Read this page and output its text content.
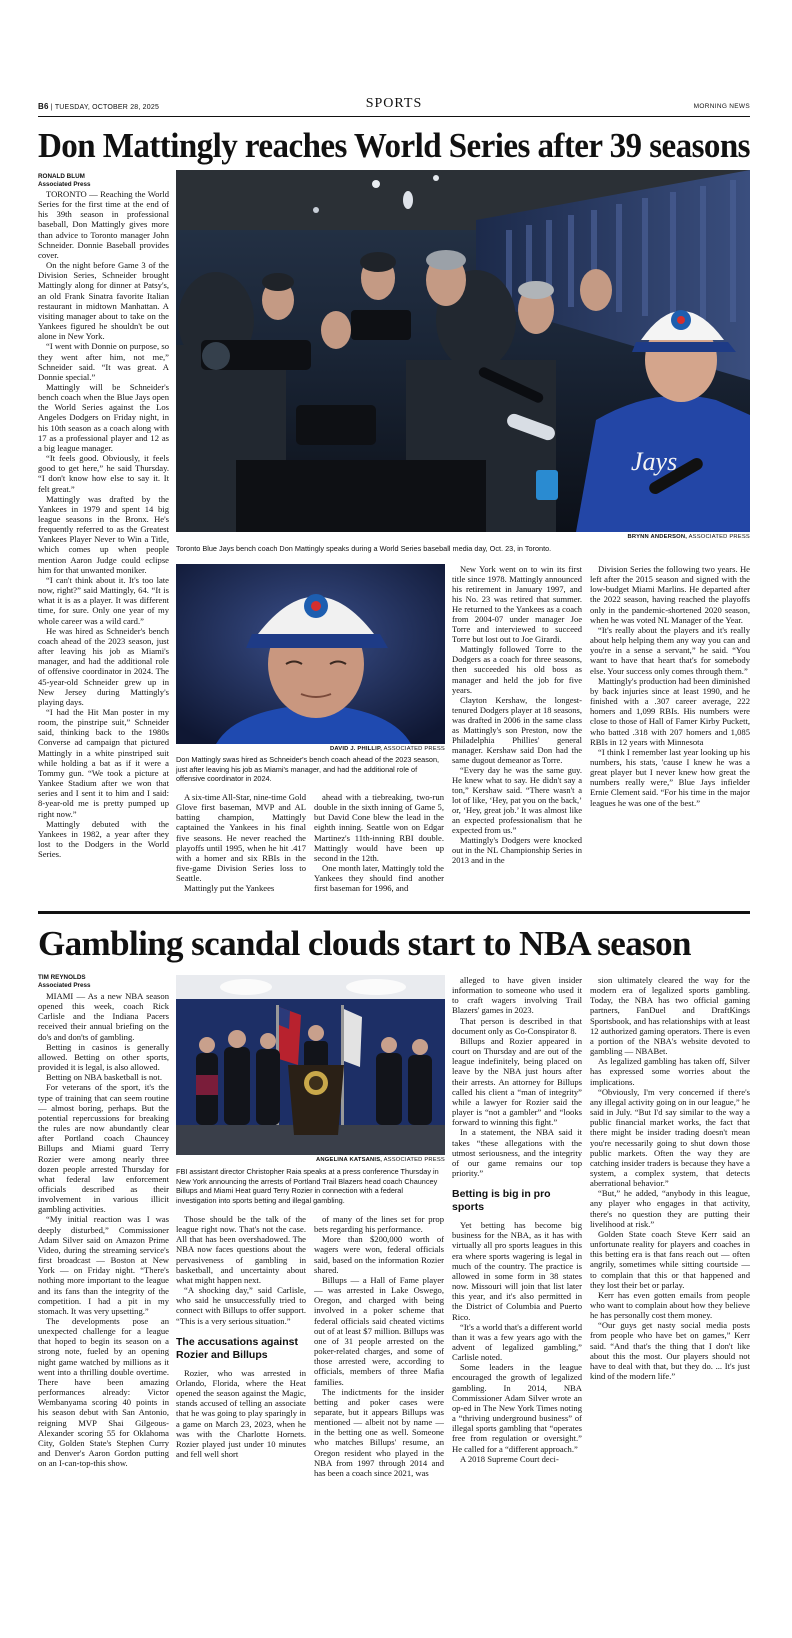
B6 | TUESDAY, OCTOBER 28, 2025	SPORTS	MORNING NEWS
Don Mattingly reaches World Series after 39 seasons
RONALD BLUM
Associated Press

TORONTO — Reaching the World Series for the first time at the end of his 39th season in professional baseball, Don Mattingly gives more than advice to Toronto manager John Schneider. Donnie Baseball provides cover.

On the night before Game 3 of the Division Series, Schneider brought Mattingly along for dinner at Patsy's, an old Frank Sinatra favorite Italian restaurant in midtown Manhattan. A visiting manager about to take on the Yankees figured he shouldn't be out alone in New York.

“I went with Donnie on purpose, so they went after him, not me,” Schneider said. “It was great. A Donnie special.”

Mattingly will be Schneider's bench coach when the Blue Jays open the World Series against the Los Angeles Dodgers on Friday night, in his 10th season as a coach along with 17 as a professional player and 12 as a big league manager.

“It feels good. Obviously, it feels good to get here,” he said Thursday. “I don't know how else to say it. It felt great.”

Mattingly was drafted by the Yankees in 1979 and spent 14 big league seasons in the Bronx. He's frequently referred to as the Greatest Yankees Player Never to Win a Title, which comes up when people mention Aaron Judge could eclipse him for that unwanted moniker.

“I can't think about it. It's too late now, right?” said Mattingly, 64. “It is what it is as a player. It was different time, for sure. Only one year of my whole career was a wild card.”

He was hired as Schneider's bench coach ahead of the 2023 season, just after leaving his job as Miami's manager, and had the additional role of offensive coordinator in 2024. The 45-year-old Schneider grew up in New Jersey during Mattingly's playing days.

“I had the Hit Man poster in my room, the pinstripe suit,” Schneider said, thinking back to the 1980s Converse ad campaign that pictured Mattingly in a white pinstriped suit while holding a bat as if it were a Tommy gun. “We took a picture at Yankee Stadium after we won that series and I sent it to him and I said: 8-year-old me is pretty pumped up right now.”

Mattingly debuted with the Yankees in 1982, a year after they lost to the Dodgers in the World Series.

Jays
BRYNN ANDERSON, ASSOCIATED PRESS
Toronto Blue Jays bench coach Don Mattingly speaks during a World Series baseball media day, Oct. 23, in Toronto.
DAVID J. PHILLIP, ASSOCIATED PRESS
Don Mattingly swas hired as Schneider's bench coach ahead of the 2023 season, just after leaving his job as Miami's manager, and had the additional role of offensive coordinator in 2024.

A six-time All-Star, nine-time Gold Glove first baseman, MVP and AL batting champion, Mattingly captained the Yankees in his final five seasons. He never reached the playoffs until 1995, when he hit .417 with a homer and six RBIs in the five-game Division Series loss to Seattle.

Mattingly put the Yankees

ahead with a tiebreaking, two-run double in the sixth inning of Game 5, but David Cone blew the lead in the eighth inning. Seattle won on Edgar Martinez's 11th-inning RBI double. Mattingly would have been up second in the 12th.

One month later, Mattingly told the Yankees they should find another first baseman for 1996, and

New York went on to win its first title since 1978. Mattingly announced his retirement in January 1997, and his No. 23 was retired that summer. He returned to the Yankees as a coach from 2004-07 under manager Joe Torre and interviewed to succeed Torre but lost out to Joe Girardi.

Mattingly followed Torre to the Dodgers as a coach for three seasons, then succeeded his old boss as manager and held the job for five years.

Clayton Kershaw, the longest-tenured Dodgers player at 18 seasons, was drafted in 2006 in the same class as Mattingly's son Preston, now the Philadelphia Phillies' general manager. Kershaw said Don had the same dugout demeanor as Torre.

“Every day he was the same guy. He knew what to say. He didn't say a ton,” Kershaw said. “There wasn't a lot of like, ‘Hey, pat you on the back,’ or, ‘Hey, great job.’ It was almost like an expected professionalism that he expected from us.”

Mattingly's Dodgers were knocked out in the NL Championship Series in 2013 and in the

Division Series the following two years. He left after the 2015 season and signed with the low-budget Miami Marlins. He departed after the 2022 season, having reached the playoffs only in the pandemic-shortened 2020 season, when he was voted NL Manager of the Year.

“It's really about the players and it's really about help helping them any way you can and you're in a sense a servant,” he said. “You want to have that heart that's for somebody else. Your success only comes through them.”

Mattingly's production had been diminished by back injuries since at least 1990, and he finished with a .307 career average, 222 homers and 1,099 RBIs. His numbers were close to those of Hall of Famer Kirby Puckett, who batted .318 with 207 homers and 1,085 RBIs in 12 years with Minnesota

“I think I remember last year looking up his numbers, his stats, 'cause I knew he was a great player but I never knew how great the numbers really were,” Blue Jays infielder Ernie Clement said. “For his time in the major leagues he was one of the best.”

Gambling scandal clouds start to NBA season
TIM REYNOLDS
Associated Press

MIAMI — As a new NBA season opened this week, coach Rick Carlisle and the Indiana Pacers received their annual briefing on the do's and don'ts of gambling.

Betting in casinos is generally allowed. Betting on other sports, provided it is legal, is also allowed.

Betting on NBA basketball is not.

For veterans of the sport, it's the type of training that can seem routine — almost boring, perhaps. But the potential repercussions for breaking the rules are now abundantly clear after Portland coach Chauncey Billups and Miami guard Terry Rozier were among nearly three dozen people arrested Thursday for what federal law enforcement officials described as their involvement in various illicit gambling activities.

“My initial reaction was I was deeply disturbed,” Commissioner Adam Silver said on Amazon Prime Video, during the streaming service's first broadcast — Boston at New York — on Friday night. “There's nothing more important to the league and its fans than the integrity of the competition. I had a pit in my stomach. It was very upsetting.”

The developments pose an unexpected challenge for a league that hoped to begin its season on a strong note, fueled by an opening night game watched by millions as it went into a thrilling double overtime. There have been amazing performances already: Victor Wembanyama scoring 40 points in his season debut with San Antonio, reigning MVP Shai Gilgeous-Alexander scoring 55 for Oklahoma City, Golden State's Stephen Curry and Denver's Aaron Gordon putting on an I-can-top-this show.

ANGELINA KATSANIS, ASSOCIATED PRESS
FBI assistant director Christopher Raia speaks at a press conference Thursday in New York announcing the arrests of Portland Trail Blazers head coach Chauncey Billups and Miami Heat guard Terry Rozier in connection with a federal investigation into sports betting and illegal gambling.

Those should be the talk of the league right now. That's not the case. All that has been overshadowed. The NBA now faces questions about the pervasiveness of gambling in basketball, and uncertainty about what might happen next.

“A shocking day,” said Carlisle, who said he unsuccessfully tried to connect with Billups to offer support. “This is a very serious situation.”

The accusations against Rozier and Billups

Rozier, who was arrested in Orlando, Florida, where the Heat opened the season against the Magic, stands accused of telling an associate that he was going to play sparingly in a game on March 23, 2023, when he was with the Charlotte Hornets. Rozier played just under 10 minutes and fell well short

of many of the lines set for prop bets regarding his performance.

More than $200,000 worth of wagers were won, federal officials said, based on the information Rozier shared.

Billups — a Hall of Fame player — was arrested in Lake Oswego, Oregon, and charged with being involved in a poker scheme that federal officials said cheated victims out of at least $7 million. Billups was one of 31 people arrested on the poker-related charges, and some of those arrested were, according to officials, members of three Mafia families.

The indictments for the insider betting and poker cases were separate, but it appears Billups was mentioned — albeit not by name — in the betting one as well. Someone who matches Billups' resume, an Oregon resident who played in the NBA from 1997 through 2014 and has been a coach since 2021, was

alleged to have given insider information to someone who used it to craft wagers involving Trail Blazers' games in 2023.

That person is described in that document only as Co-Conspirator 8.

Billups and Rozier appeared in court on Thursday and are out of the league indefinitely, being placed on leave by the NBA just hours after their arrests. An attorney for Billups called his client a “man of integrity” while a lawyer for Rozier said the player is “not a gambler” and “looks forward to winning this fight.”

In a statement, the NBA said it takes “these allegations with the utmost seriousness, and the integrity of our game remains our top priority.”

Betting is big in pro sports

Yet betting has become big business for the NBA, as it has with virtually all pro sports leagues in this era where sports wagering is legal in much of the country. The practice is allowed in some form in 38 states now. Missouri will join that list later this year, and it's also permitted in the District of Columbia and Puerto Rico.

“It's a world that's a different world than it was a few years ago with the advent of legalized gambling,” Carlisle noted.

Some leaders in the league encouraged the growth of legalized gambling. In 2014, NBA Commissioner Adam Silver wrote an op-ed in The New York Times noting a “thriving underground business” of illegal sports gambling that “operates free from regulation or oversight.” He called for a “different approach.”

A 2018 Supreme Court deci-

sion ultimately cleared the way for the modern era of legalized sports gambling. Today, the NBA has two official gaming partners, FanDuel and DraftKings Sportsbook, and has relationships with at least 12 authorized gaming operators. There is even a portion of the NBA's website devoted to gambling — NBABet.

As legalized gambling has taken off, Silver has expressed some worries about the implications.

“Obviously, I'm very concerned if there's any illegal activity going on in our league,” he said in July. “But I'd say similar to the way a public financial market works, the fact that there might be insider trading doesn't mean you're necessarily going to shut down those public markets. Often the way they are catching insider traders is because they have a system, a complex system, that detects aberrational behavior.”

“But,” he added, “anybody in this league, any player who engages in that activity, there's no question they are putting their livelihood at risk.”

Golden State coach Steve Kerr said an unfortunate reality for players and coaches in this betting era is that fans reach out — often angrily, sometimes while sitting courtside — to complain that this or that happened and they lost their bet or parlay.

Kerr has even gotten emails from people who want to complain about how they believe he has personally cost them money.

“Our guys get nasty social media posts from people who have bet on games,” Kerr said. “And that's the thing that I don't like about this the most. Our players should not have to deal with that, but they do. ... It's just kind of the modern life.”
